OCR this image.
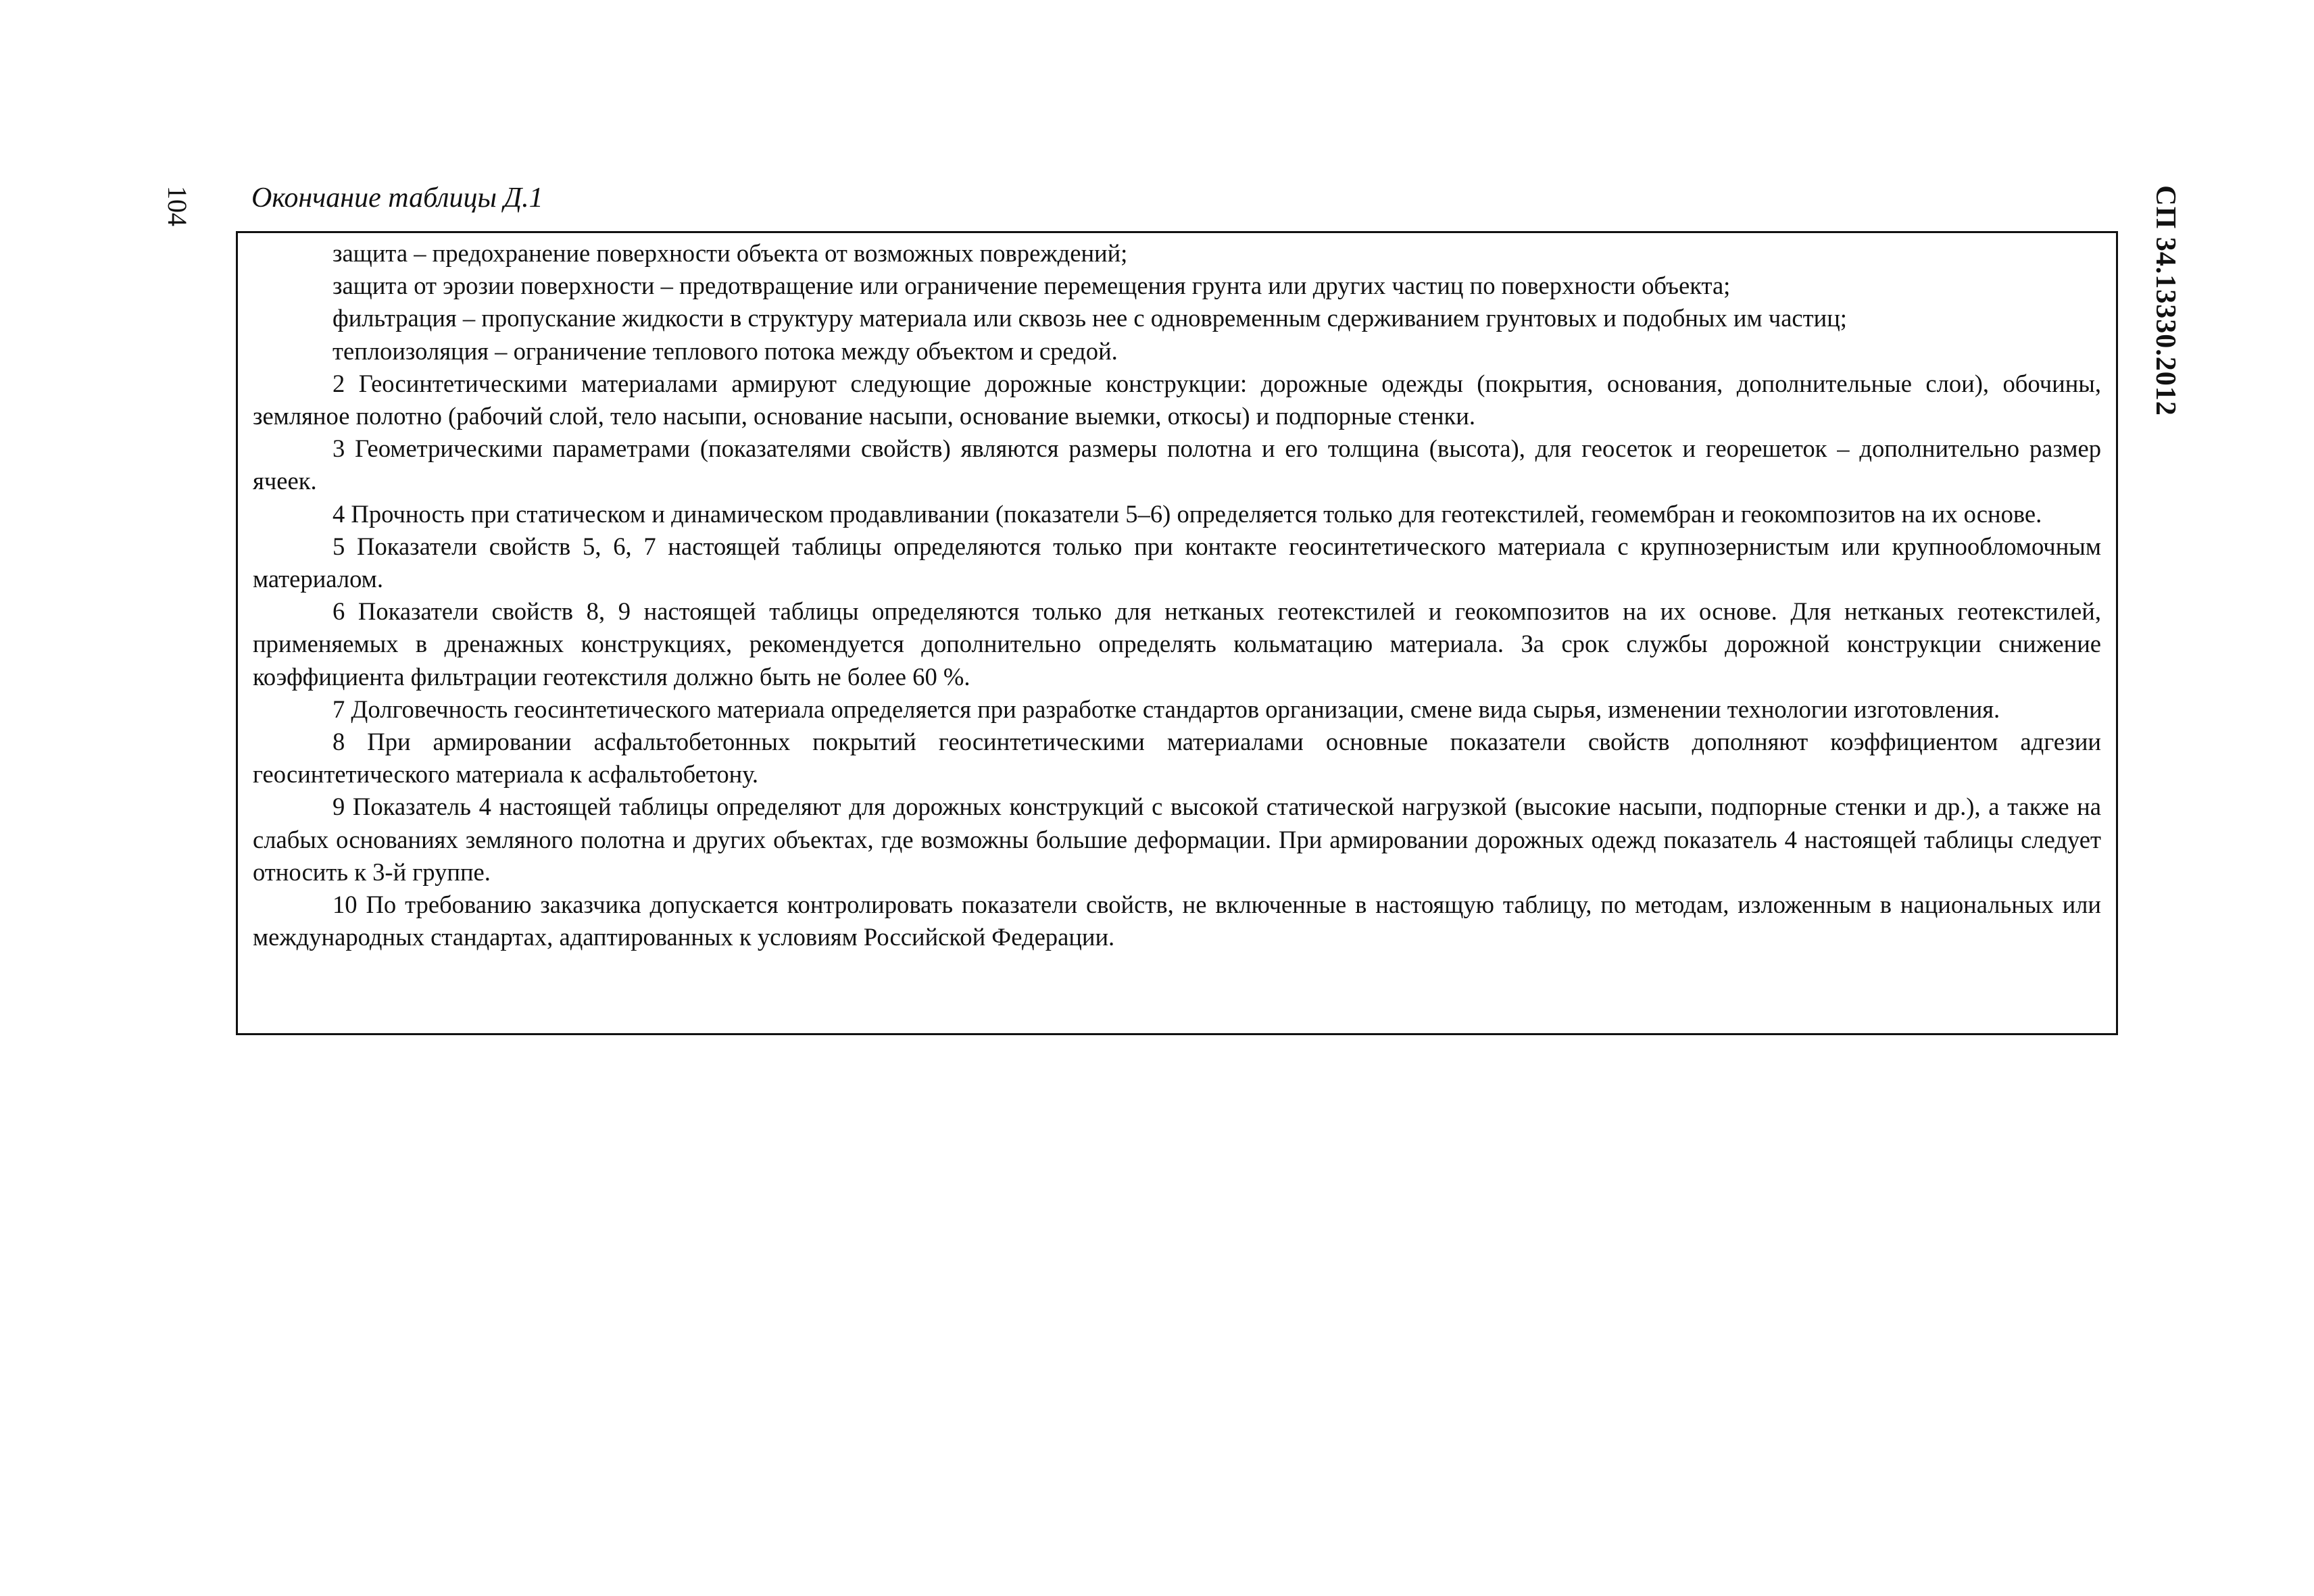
104	СП 34.13330.2012
Окончание таблицы Д.1

защита – предохранение поверхности объекта от возможных повреждений;

защита от эрозии поверхности – предотвращение или ограничение перемещения грунта или других частиц по поверхности объекта;

фильтрация – пропускание жидкости в структуру материала или сквозь нее с одновременным сдерживанием грунтовых и подобных им частиц;

теплоизоляция – ограничение теплового потока между объектом и средой.

2 Геосинтетическими материалами армируют следующие дорожные конструкции: дорожные одежды (покрытия, основания, дополнительные слои), обочины, земляное полотно (рабочий слой, тело насыпи, основание насыпи, основание выемки, откосы) и подпорные стенки.

3 Геометрическими параметрами (показателями свойств) являются размеры полотна и его толщина (высота), для геосеток и георешеток – дополнительно размер ячеек.

4 Прочность при статическом и динамическом продавливании (показатели 5–6) определяется только для геотекстилей, геомембран и геокомпозитов на их основе.

5 Показатели свойств 5, 6, 7 настоящей таблицы определяются только при контакте геосинтетического материала с крупнозернистым или крупнообломочным материалом.

6 Показатели свойств 8, 9 настоящей таблицы определяются только для нетканых геотекстилей и геокомпозитов на их основе. Для нетканых геотекстилей, применяемых в дренажных конструкциях, рекомендуется дополнительно определять кольматацию материала. За срок службы дорожной конструкции снижение коэффициента фильтрации геотекстиля должно быть не более 60 %.

7 Долговечность геосинтетического материала определяется при разработке стандартов организации, смене вида сырья, изменении технологии изготовления.

8 При армировании асфальтобетонных покрытий геосинтетическими материалами основные показатели свойств дополняют коэффициентом адгезии геосинтетического материала к асфальтобетону.

9 Показатель 4 настоящей таблицы определяют для дорожных конструкций с высокой статической нагрузкой (высокие насыпи, подпорные стенки и др.), а также на слабых основаниях земляного полотна и других объектах, где возможны большие деформации. При армировании дорожных одежд показатель 4 настоящей таблицы следует относить к 3-й группе.

10 По требованию заказчика допускается контролировать показатели свойств, не включенные в настоящую таблицу, по методам, изложенным в национальных или международных стандартах, адаптированных к условиям Российской Федерации.
